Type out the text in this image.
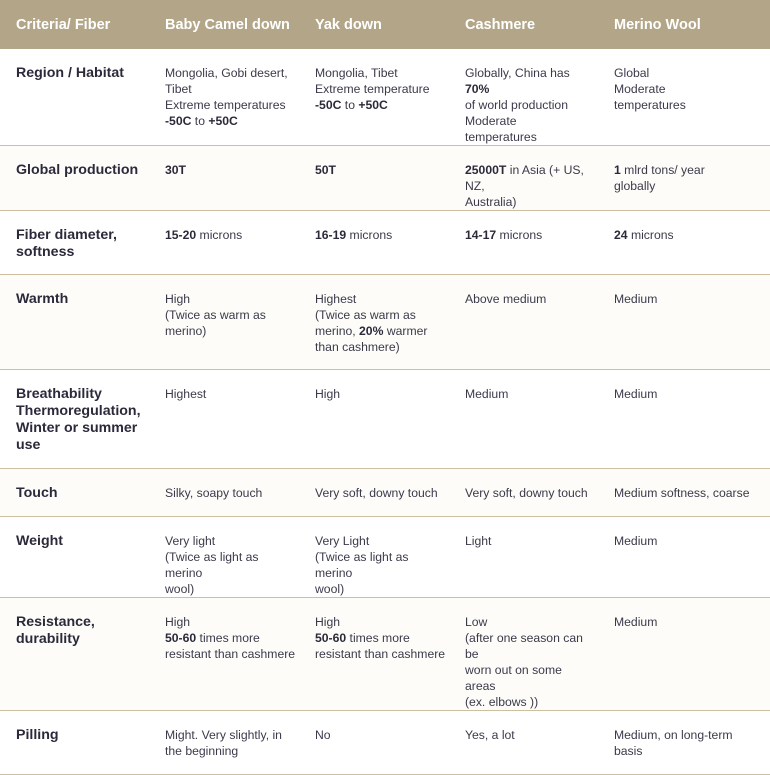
Criteria/ Fiber	Baby Camel down	Yak down	Cashmere	Merino Wool

Region / Habitat	Mongolia, Gobi desert,
Tibet
Extreme temperatures
-50C to +50C	Mongolia, Tibet
Extreme temperature
-50C to +50C	Globally, China has 70%
of world production
Moderate
temperatures	Global
Moderate
temperatures

Global production	30T	50T	25000T in Asia (+ US, NZ,
Australia)	1 mlrd tons/ year
globally

Fiber diameter,
softness	15-20 microns	16-19 microns	14-17 microns	24 microns

Warmth	High
(Twice as warm as
merino)	Highest
(Twice as warm as
merino, 20% warmer
than cashmere)	Above medium	Medium

Breathability
Thermoregulation,
Winter or summer
use	Highest	High	Medium	Medium

Touch	Silky, soapy touch	Very soft, downy touch	Very soft, downy touch	Medium softness, coarse

Weight	Very light
(Twice as light as merino
wool)	Very Light
(Twice as light as merino
wool)	Light	Medium

Resistance,
durability	High
50-60 times more
resistant than cashmere	High
50-60 times more
resistant than cashmere	Low
(after one season can be
worn out on some areas
(ex. elbows ))	Medium

Pilling	Might. Very slightly, in
the beginning	No	Yes, a lot	Medium, on long-term
basis
